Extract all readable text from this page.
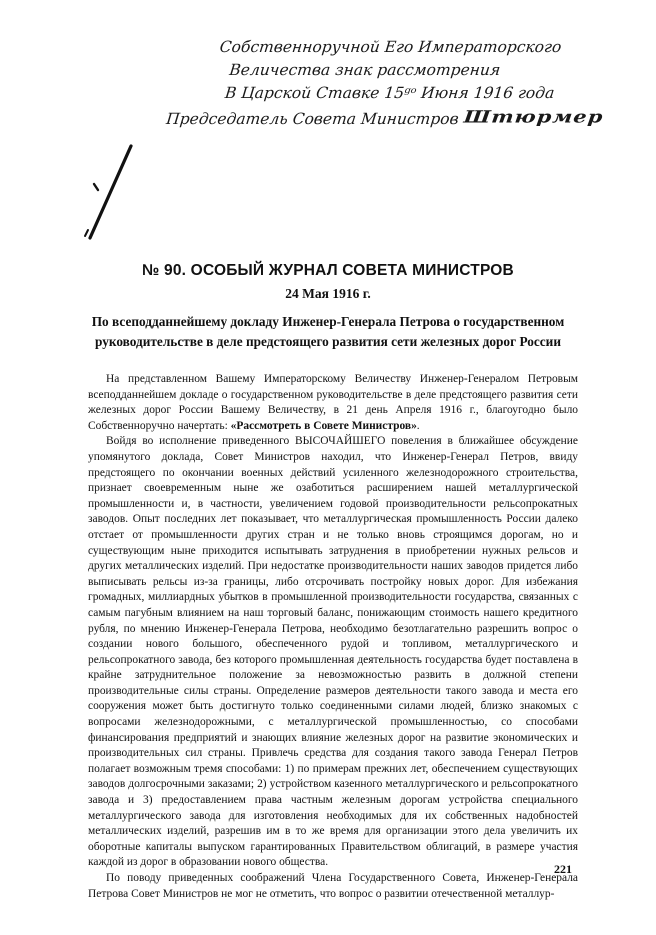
Собственноручной Его Императорского
Величества знак рассмотрения
В Царской Ставке 15ᵍᵒ Июня 1916 года
Председатель Совета Министров Штюрмер
№ 90. ОСОБЫЙ ЖУРНАЛ СОВЕТА МИНИСТРОВ
24 Мая 1916 г.
По всеподданнейшему докладу Инженер-Генерала Петрова о государственном руководительстве в деле предстоящего развития сети железных дорог России

На представленном Вашему Императорскому Величеству Инженер-Генералом Петровым всеподданнейшем докладе о государственном руководительстве в деле предстоящего развития сети железных дорог России Вашему Величеству, в 21 день Апреля 1916 г., благоугодно было Собственноручно начертать: «Рассмотреть в Совете Министров».

Войдя во исполнение приведенного ВЫСОЧАЙШЕГО повеления в ближайшее обсуждение упомянутого доклада, Совет Министров находил, что Инженер-Генерал Петров, ввиду предстоящего по окончании военных действий усиленного железнодорожного строительства, признает своевременным ныне же озаботиться расширением нашей металлургической промышленности и, в частности, увеличением годовой производительности рельсопрокатных заводов. Опыт последних лет показывает, что металлургическая промышленность России далеко отстает от промышленности других стран и не только вновь строящимся дорогам, но и существующим ныне приходится испытывать затруднения в приобретении нужных рельсов и других металлических изделий. При недостатке производительности наших заводов придется либо выписывать рельсы из-за границы, либо отсрочивать постройку новых дорог. Для избежания громадных, миллиардных убытков в промышленной производительности государства, связанных с самым пагубным влиянием на наш торговый баланс, понижающим стоимость нашего кредитного рубля, по мнению Инженер-Генерала Петрова, необходимо безотлагательно разрешить вопрос о создании нового большого, обеспеченного рудой и топливом, металлургического и рельсопрокатного завода, без которого промышленная деятельность государства будет поставлена в крайне затруднительное положение за невозможностью развить в должной степени производительные силы страны. Определение размеров деятельности такого завода и места его сооружения может быть достигнуто только соединенными силами людей, близко знакомых с вопросами железнодорожными, с металлургической промышленностью, со способами финансирования предприятий и знающих влияние железных дорог на развитие экономических и производительных сил страны. Привлечь средства для создания такого завода Генерал Петров полагает возможным тремя способами: 1) по примерам прежних лет, обеспечением существующих заводов долгосрочными заказами; 2) устройством казенного металлургического и рельсопрокатного завода и 3) предоставлением права частным железным дорогам устройства специального металлургического завода для изготовления необходимых для их собственных надобностей металлических изделий, разрешив им в то же время для организации этого дела увеличить их оборотные капиталы выпуском гарантированных Правительством облигаций, в размере участия каждой из дорог в образовании нового общества.

По поводу приведенных соображений Члена Государственного Совета, Инженер-Генерала Петрова Совет Министров не мог не отметить, что вопрос о развитии отечественной металлур-

221
